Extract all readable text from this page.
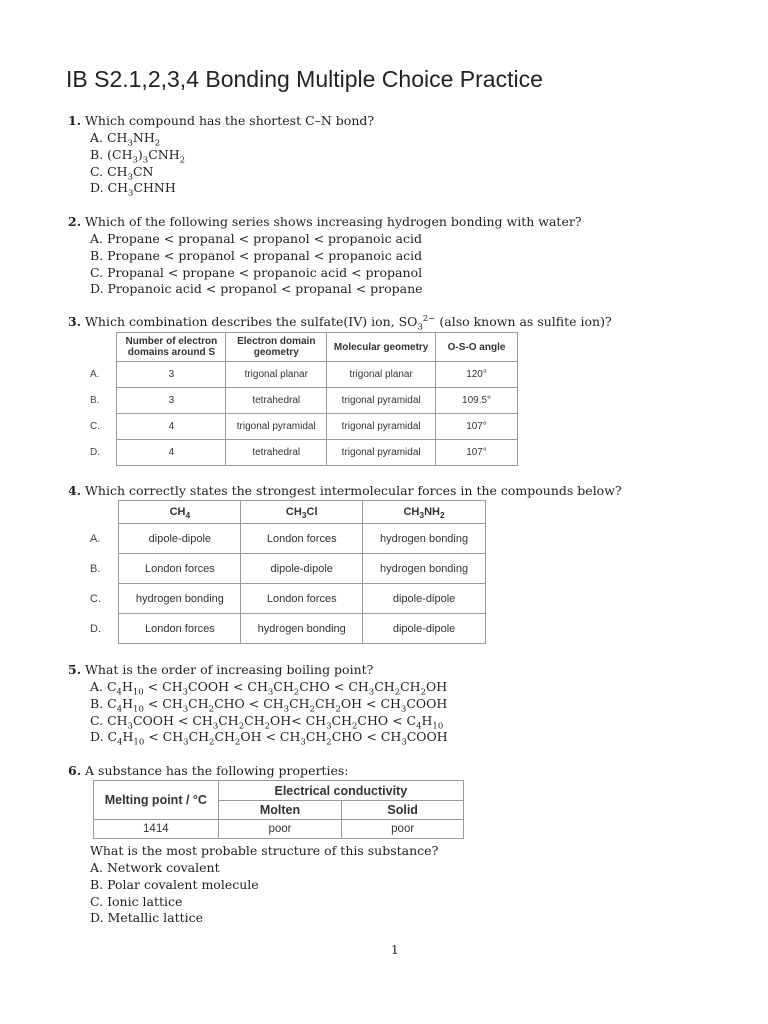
IB S2.1,2,3,4 Bonding Multiple Choice Practice
1. Which compound has the shortest C–N bond?
A. $CH_3NH_2$
B. $(CH_3)_3CNH_2$
C. $CH_3CN$
D. $CH_3CHNH$
2. Which of the following series shows increasing hydrogen bonding with water?
A. Propane < propanal < propanol < propanoic acid
B. Propane < propanol < propanal < propanoic acid
C. Propanal < propane < propanoic acid < propanol
D. Propanoic acid < propanol < propanal < propane
3. Which combination describes the sulfate(IV) ion, $SO_3^{2-}$ (also known as sulfite ion)?
	Number of electron domains around S	Electron domain geometry	Molecular geometry	O-S-O angle
A.	3	trigonal planar	trigonal planar	120°
B.	3	tetrahedral	trigonal pyramidal	109.5°
C.	4	trigonal pyramidal	trigonal pyramidal	107°
D.	4	tetrahedral	trigonal pyramidal	107°
4. Which correctly states the strongest intermolecular forces in the compounds below?
	$CH_4$	$CH_3Cl$	$CH_3NH_2$
A.	dipole-dipole	London forces	hydrogen bonding
B.	London forces	dipole-dipole	hydrogen bonding
C.	hydrogen bonding	London forces	dipole-dipole
D.	London forces	hydrogen bonding	dipole-dipole
5. What is the order of increasing boiling point?
A. $C_4H_{10}$ < $CH_3COOH < CH_3CH_2CHO < CH_3CH_2CH_2OH$
B. $C_4H_{10} < CH_3CH_2CHO < CH_3CH_2CH_2OH$ < $CH_3COOH$
C. $CH_3COOH < CH_3CH_2CH_2OH< CH_3CH_2CHO < C_4H_{10}$
D. $C_4H_{10} < CH_3CH_2CH_2OH < CH_3CH_2CHO$ < $CH_3COOH$
6. A substance has the following properties:
Melting point / °C	Electrical conductivity	
	Molten	Solid
1414	poor	poor
What is the most probable structure of this substance?
A. Network covalent
B. Polar covalent molecule
C. Ionic lattice
D. Metallic lattice
1
